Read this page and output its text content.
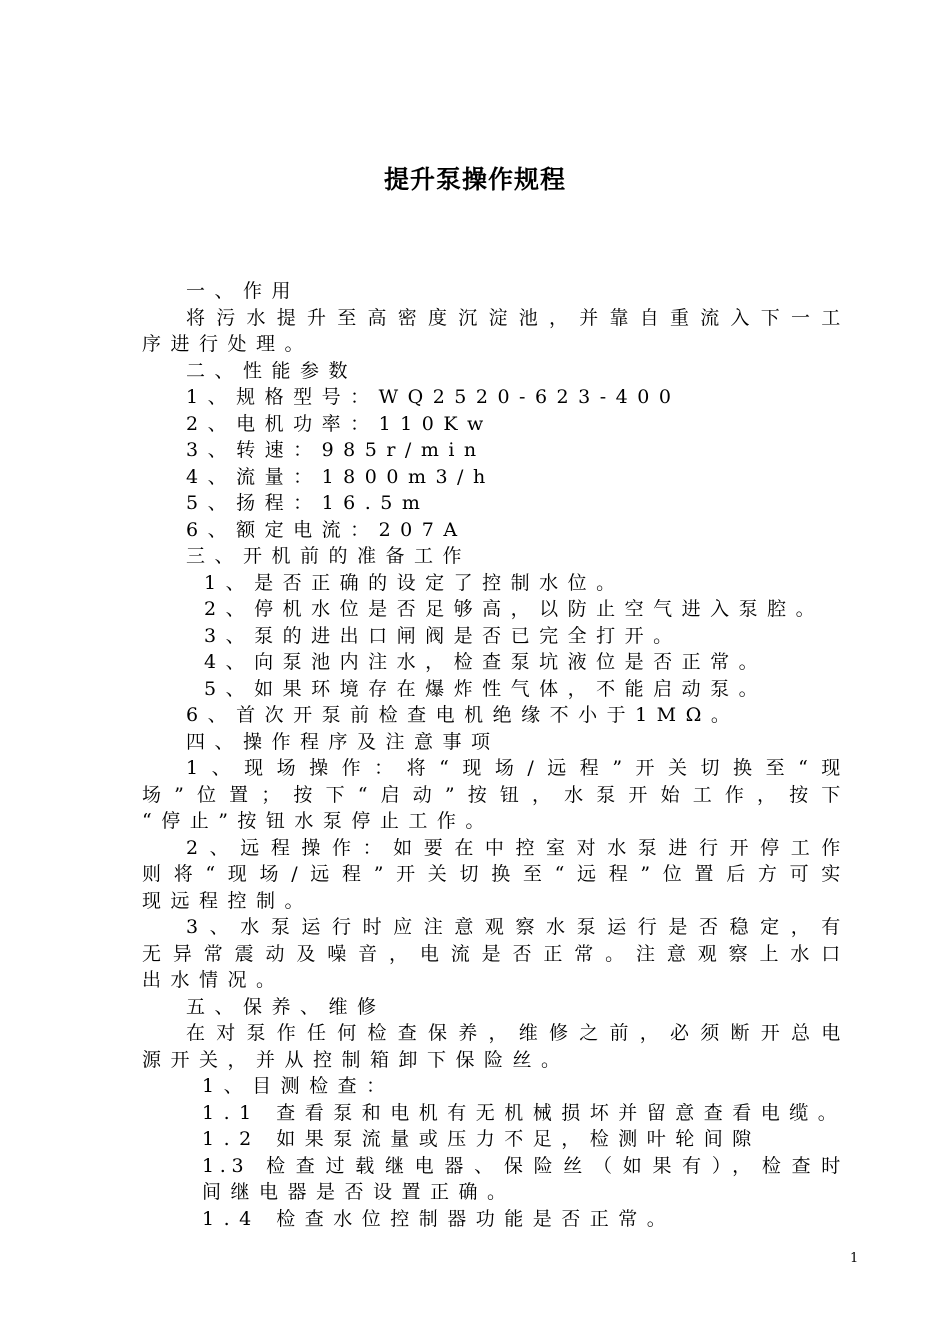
提升泵操作规程
一、作用
将污水提升至高密度沉淀池，并靠自重流入下一工
序进行处理。
二、性能参数
1、规格型号：WQ2520-623-400
2、电机功率：110Kw
3、转速：985r/min
4、流量：1800m3/h
5、扬程：16.5m
6、额定电流：207A
三、开机前的准备工作
1、是否正确的设定了控制水位。
2、停机水位是否足够高，以防止空气进入泵腔。
3、泵的进出口闸阀是否已完全打开。
4、向泵池内注水，检查泵坑液位是否正常。
5、如果环境存在爆炸性气体，不能启动泵。
6、首次开泵前检查电机绝缘不小于1MΩ。
四、操作程序及注意事项
1、现场操作：将“现场/远程”开关切换至“现
场”位置；按下“启动”按钮，水泵开始工作，按下
“停止”按钮水泵停止工作。
2、远程操作：如要在中控室对水泵进行开停工作
则将“现场/远程”开关切换至“远程”位置后方可实
现远程控制。
3、水泵运行时应注意观察水泵运行是否稳定，有
无异常震动及噪音，电流是否正常。注意观察上水口
出水情况。
五、保养、维修
在对泵作任何检查保养，维修之前，必须断开总电
源开关，并从控制箱卸下保险丝。
1、目测检查：
1.1 查看泵和电机有无机械损坏并留意查看电缆。
1.2 如果泵流量或压力不足，检测叶轮间隙
1.3 检查过载继电器、保险丝（如果有），检查时
间继电器是否设置正确。
1.4 检查水位控制器功能是否正常。
1
